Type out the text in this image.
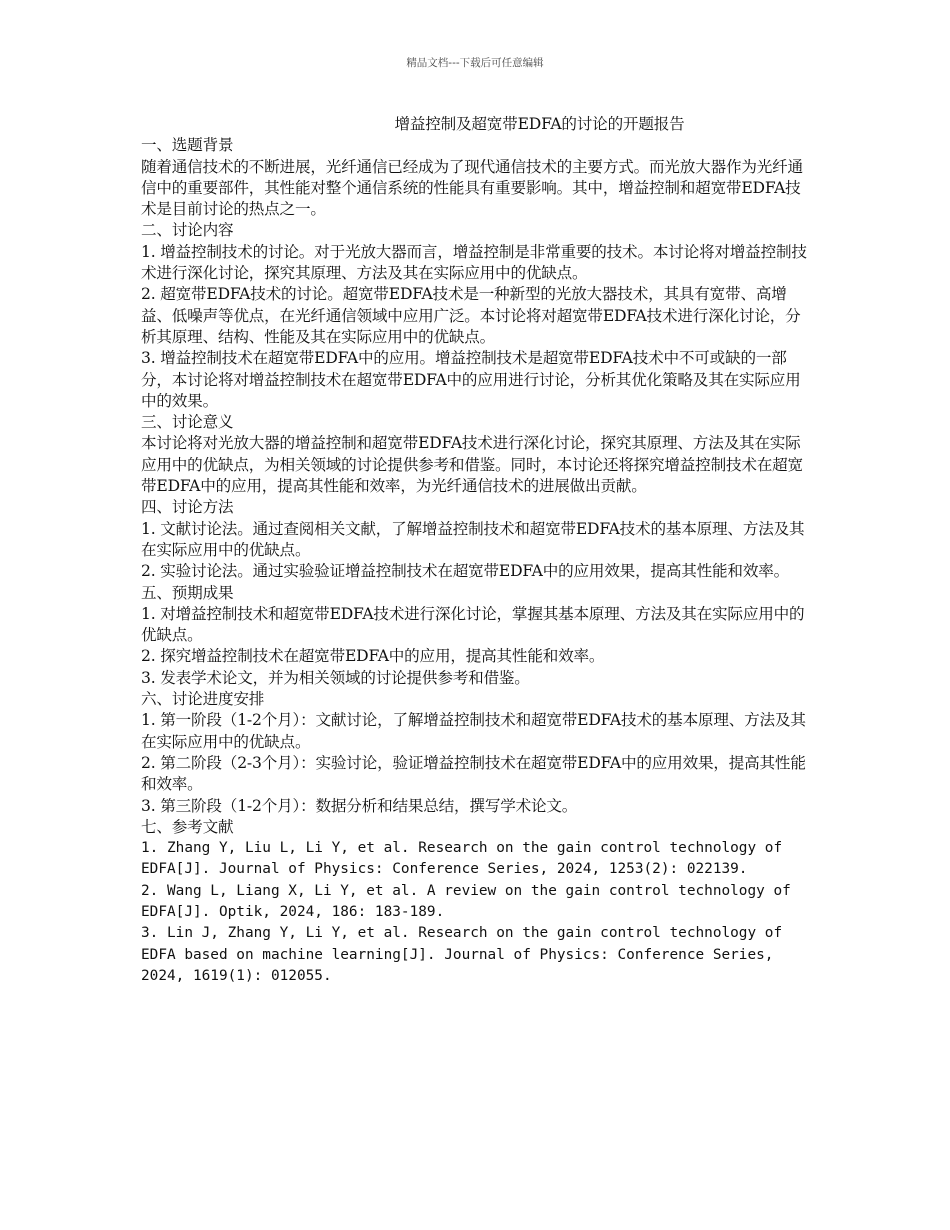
精品文档---下载后可任意编辑
增益控制及超宽带EDFA的讨论的开题报告

一、选题背景

随着通信技术的不断进展，光纤通信已经成为了现代通信技术的主要方式。而光放大器作为光纤通信中的重要部件，其性能对整个通信系统的性能具有重要影响。其中，增益控制和超宽带EDFA技术是目前讨论的热点之一。

二、讨论内容

1. 增益控制技术的讨论。对于光放大器而言，增益控制是非常重要的技术。本讨论将对增益控制技术进行深化讨论，探究其原理、方法及其在实际应用中的优缺点。

2. 超宽带EDFA技术的讨论。超宽带EDFA技术是一种新型的光放大器技术，其具有宽带、高增益、低噪声等优点，在光纤通信领域中应用广泛。本讨论将对超宽带EDFA技术进行深化讨论，分析其原理、结构、性能及其在实际应用中的优缺点。

3. 增益控制技术在超宽带EDFA中的应用。增益控制技术是超宽带EDFA技术中不可或缺的一部分，本讨论将对增益控制技术在超宽带EDFA中的应用进行讨论，分析其优化策略及其在实际应用中的效果。

三、讨论意义

本讨论将对光放大器的增益控制和超宽带EDFA技术进行深化讨论，探究其原理、方法及其在实际应用中的优缺点，为相关领域的讨论提供参考和借鉴。同时，本讨论还将探究增益控制技术在超宽带EDFA中的应用，提高其性能和效率，为光纤通信技术的进展做出贡献。

四、讨论方法

1. 文献讨论法。通过查阅相关文献，了解增益控制技术和超宽带EDFA技术的基本原理、方法及其在实际应用中的优缺点。

2. 实验讨论法。通过实验验证增益控制技术在超宽带EDFA中的应用效果，提高其性能和效率。

五、预期成果

1. 对增益控制技术和超宽带EDFA技术进行深化讨论，掌握其基本原理、方法及其在实际应用中的优缺点。

2. 探究增益控制技术在超宽带EDFA中的应用，提高其性能和效率。

3. 发表学术论文，并为相关领域的讨论提供参考和借鉴。

六、讨论进度安排

1. 第一阶段（1-2个月）：文献讨论，了解增益控制技术和超宽带EDFA技术的基本原理、方法及其在实际应用中的优缺点。

2. 第二阶段（2-3个月）：实验讨论，验证增益控制技术在超宽带EDFA中的应用效果，提高其性能和效率。

3. 第三阶段（1-2个月）：数据分析和结果总结，撰写学术论文。

七、参考文献

1. Zhang Y, Liu L, Li Y, et al. Research on the gain control technology of EDFA[J]. Journal of Physics: Conference Series, 2024, 1253(2): 022139.

2. Wang L, Liang X, Li Y, et al. A review on the gain control technology of EDFA[J]. Optik, 2024, 186: 183-189.

3. Lin J, Zhang Y, Li Y, et al. Research on the gain control technology of EDFA based on machine learning[J]. Journal of Physics: Conference Series, 2024, 1619(1): 012055.
